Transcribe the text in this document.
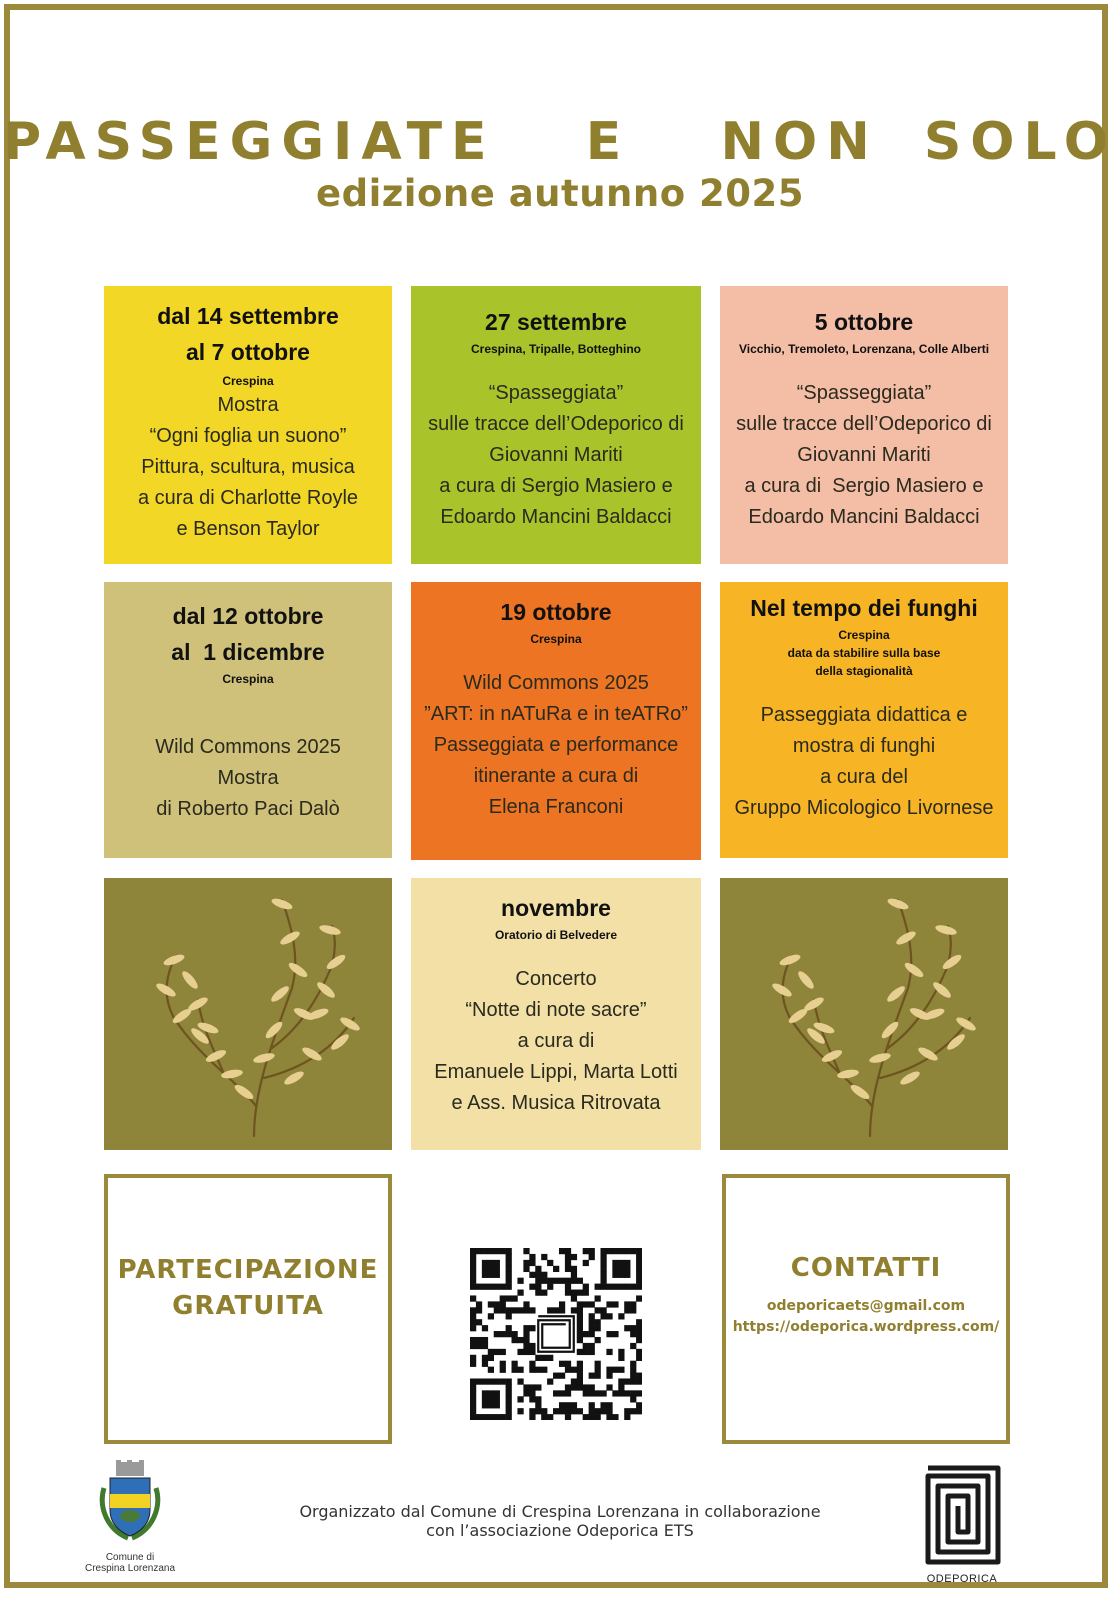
PASSEGGIATE  E  NON SOLO
edizione autunno 2025
dal 14 settembre
al 7 ottobre
Crespina
Mostra
“Ogni foglia un suono”
Pittura, scultura, musica
a cura di Charlotte Royle
e Benson Taylor
27 settembre
Crespina, Tripalle, Botteghino
“Spasseggiata”
sulle tracce dell’Odeporico di
Giovanni Mariti
a cura di Sergio Masiero e
Edoardo Mancini Baldacci
5 ottobre
Vicchio, Tremoleto, Lorenzana, Colle Alberti
“Spasseggiata”
sulle tracce dell’Odeporico di
Giovanni Mariti
a cura di  Sergio Masiero e
Edoardo Mancini Baldacci
dal 12 ottobre
al  1 dicembre
Crespina
Wild Commons 2025
Mostra
di Roberto Paci Dalò
19 ottobre
Crespina
Wild Commons 2025
”ART: in nATuRa e in teATRo”
Passeggiata e performance
itinerante a cura di
Elena Franconi
Nel tempo dei funghi
Crespina
data da stabilire sulla base
della stagionalità
Passeggiata didattica e
mostra di funghi
a cura del
Gruppo Micologico Livornese
novembre
Oratorio di Belvedere
Concerto
“Notte di note sacre”
a cura di
Emanuele Lippi, Marta Lotti
e Ass. Musica Ritrovata
PARTECIPAZIONE
GRATUITA
CONTATTI
odeporicaets@gmail.com
https://odeporica.wordpress.com/
Comune di
Crespina Lorenzana
Organizzato dal Comune di Crespina Lorenzana in collaborazione
con l’associazione Odeporica ETS
ODEPORICA
